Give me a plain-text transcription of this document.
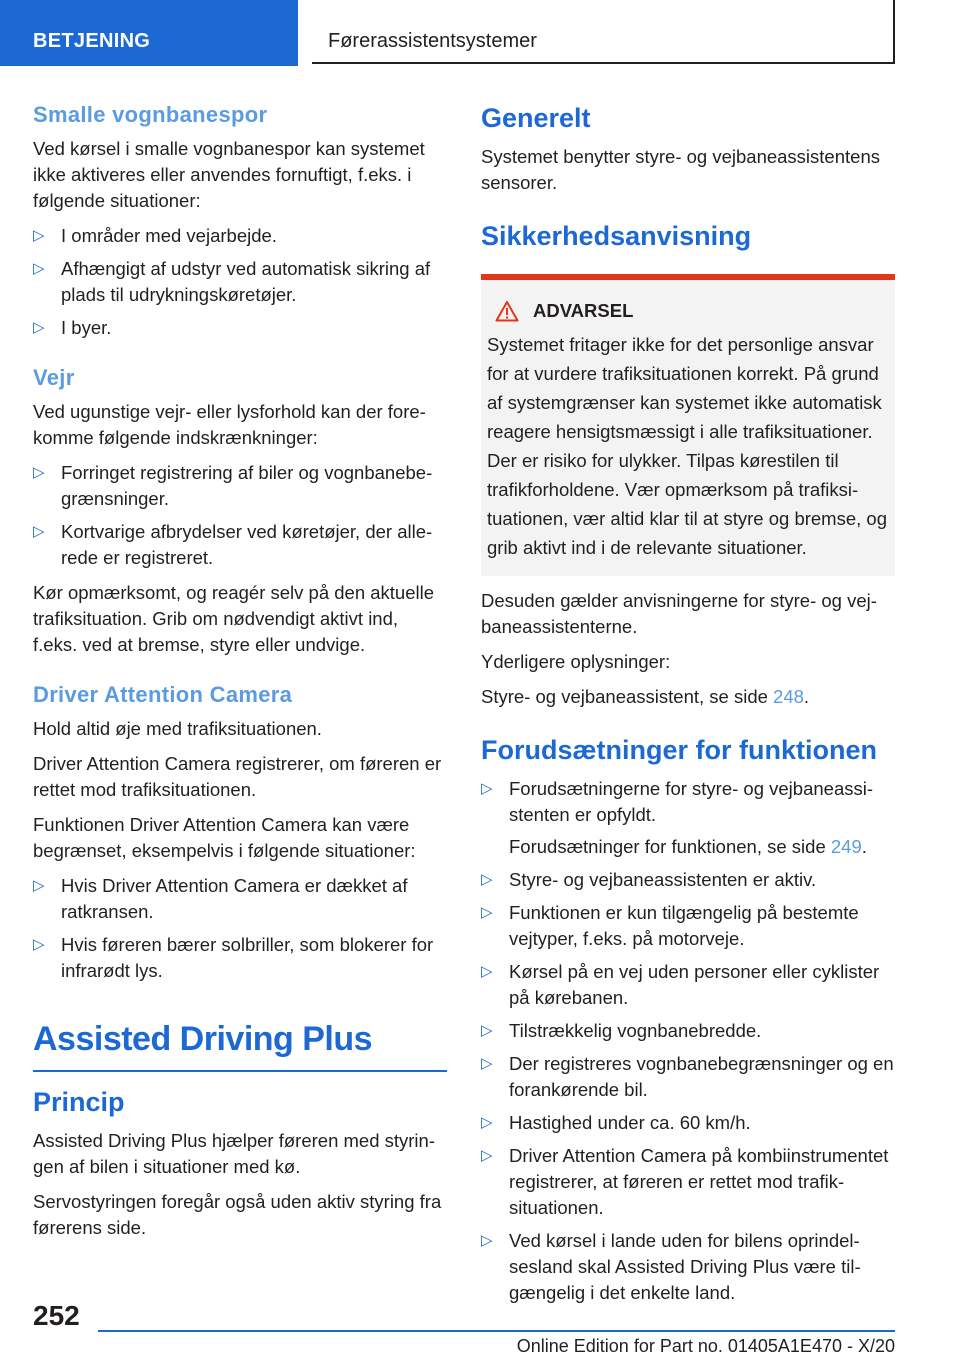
BETJENING	Førerassistentsystemer
Smalle vognbanespor

Ved kørsel i smalle vognbanespor kan systemet ikke aktiveres eller anvendes fornuftigt, f.eks. i følgende situationer:

▷ I områder med vejarbejde.
▷ Afhængigt af udstyr ved automatisk sikring af plads til udrykningskøretøjer.
▷ I byer.
Vejr

Ved ugunstige vejr- eller lysforhold kan der forekomme følgende indskrænkninger:

▷ Forringet registrering af biler og vognbanebegrænsninger.
▷ Kortvarige afbrydelser ved køretøjer, der allerede er registreret.

Kør opmærksomt, og reagér selv på den aktuelle trafiksituation. Grib om nødvendigt aktivt ind, f.eks. ved at bremse, styre eller undvige.

Driver Attention Camera

Hold altid øje med trafiksituationen.

Driver Attention Camera registrerer, om føreren er rettet mod trafiksituationen.

Funktionen Driver Attention Camera kan være begrænset, eksempelvis i følgende situationer:

▷ Hvis Driver Attention Camera er dækket af ratkransen.
▷ Hvis føreren bærer solbriller, som blokerer for infrarødt lys.
Assisted Driving Plus
Princip

Assisted Driving Plus hjælper føreren med styringen af bilen i situationer med kø.

Servostyringen foregår også uden aktiv styring fra førerens side.

Generelt

Systemet benytter styre- og vejbaneassistentens sensorer.

Sikkerhedsanvisning
ADVARSEL

Systemet fritager ikke for det personlige ansvar for at vurdere trafiksituationen korrekt. På grund af systemgrænser kan systemet ikke automatisk reagere hensigtsmæssigt i alle trafiksituationer. Der er risiko for ulykker. Tilpas kørestilen til trafikforholdene. Vær opmærksom på trafiksituationen, vær altid klar til at styre og bremse, og grib aktivt ind i de relevante situationer.

Desuden gælder anvisningerne for styre- og vejbaneassistenterne.

Yderligere oplysninger:

Styre- og vejbaneassistent, se side 248.

Forudsætninger for funktionen
▷ Forudsætningerne for styre- og vejbaneassistenten er opfyldt.
Forudsætninger for funktionen, se side 249.
▷ Styre- og vejbaneassistenten er aktiv.
▷ Funktionen er kun tilgængelig på bestemte vejtyper, f.eks. på motorveje.
▷ Kørsel på en vej uden personer eller cyklister på kørebanen.
▷ Tilstrækkelig vognbanebredde.
▷ Der registreres vognbanebegrænsninger og en forankørende bil.
▷ Hastighed under ca. 60 km/h.
▷ Driver Attention Camera på kombiinstrumentet registrerer, at føreren er rettet mod trafiksituationen.
▷ Ved kørsel i lande uden for bilens oprindelsesland skal Assisted Driving Plus være tilgængelig i det enkelte land.
252
Online Edition for Part no. 01405A1E470 - X/20
